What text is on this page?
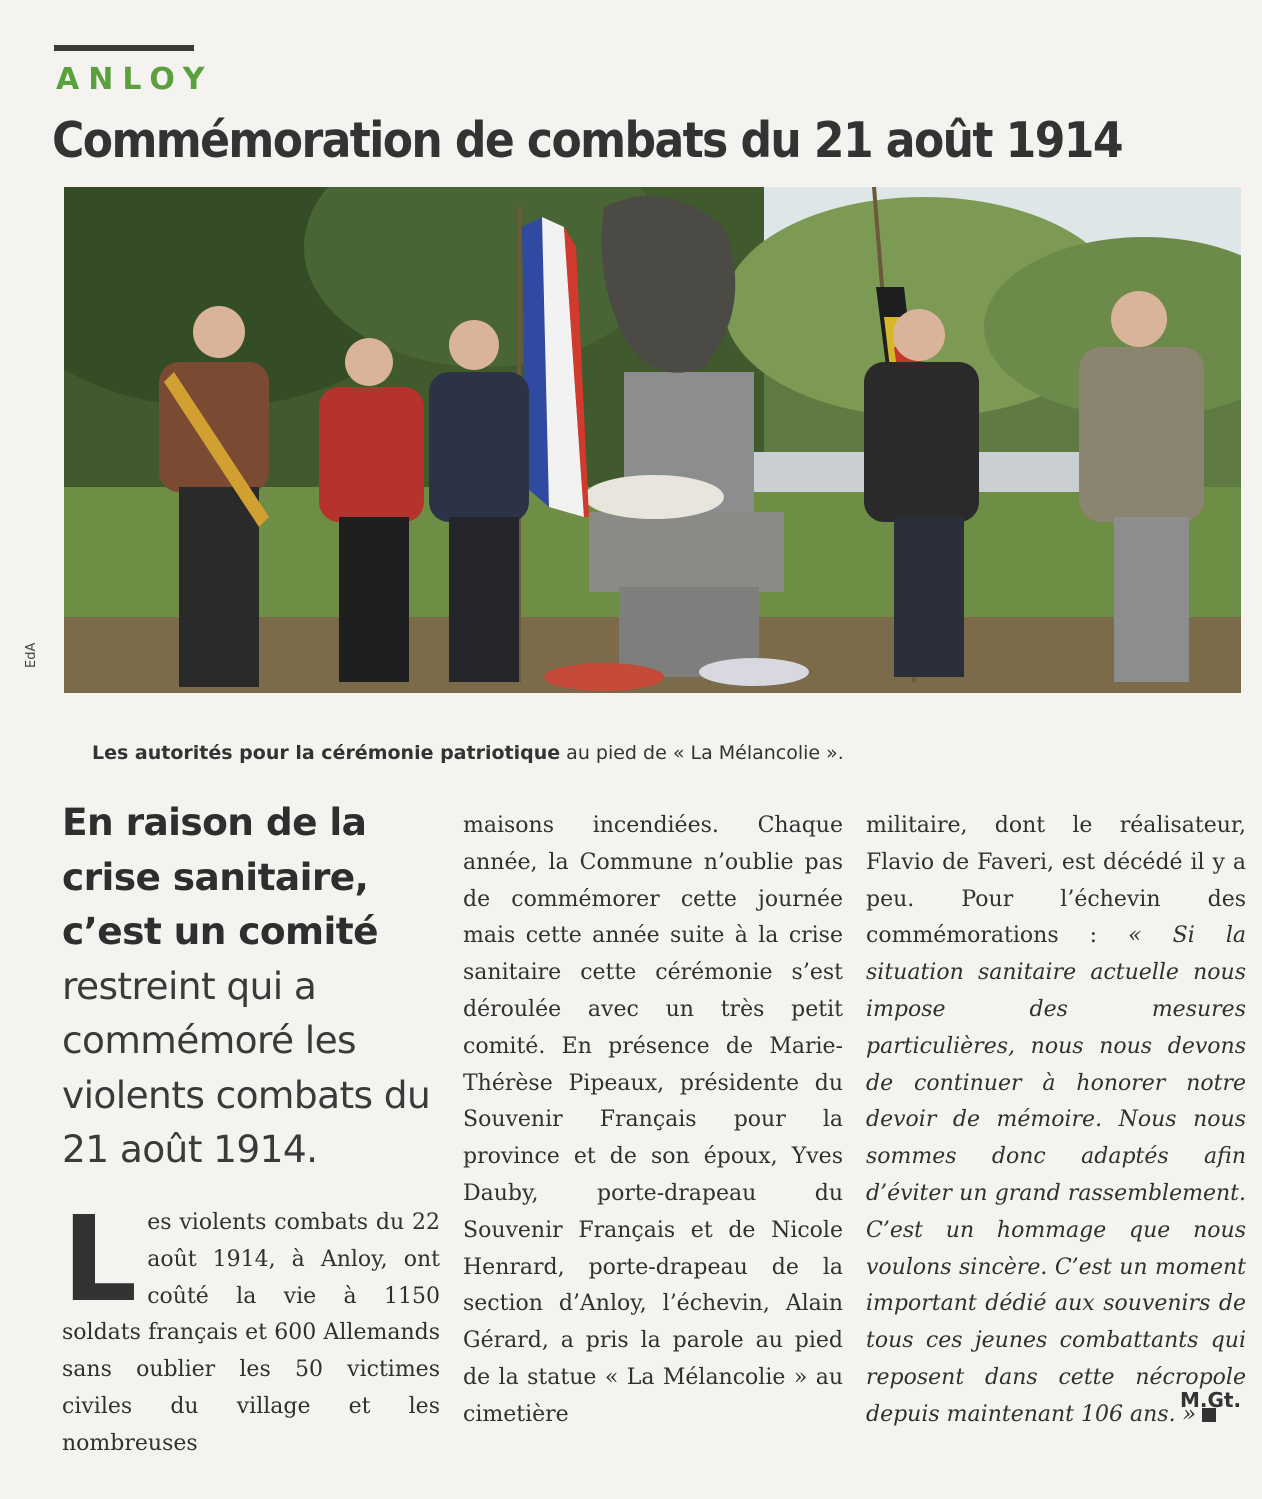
ANLOY
Commémoration de combats du 21 août 1914
EdA
Les autorités pour la cérémonie patriotique au pied de « La Mélancolie ».
En raison de la crise sanitaire, c’est un comité restreint qui a commémoré les violents combats du 21 août 1914.
Les violents combats du 22 août 1914, à Anloy, ont coûté la vie à 1150 soldats français et 600 Allemands sans oublier les 50 victimes civiles du village et les nombreuses
maisons incendiées. Chaque année, la Commune n’oublie pas de commémorer cette journée mais cette année suite à la crise sanitaire cette cérémonie s’est déroulée avec un très petit comité. En présence de Marie-Thérèse Pipeaux, présidente du Souvenir Français pour la province et de son époux, Yves Dauby, porte-drapeau du Souvenir Français et de Nicole Henrard, porte-drapeau de la section d’Anloy, l’échevin, Alain Gérard, a pris la parole au pied de la statue « La Mélancolie » au cimetière
militaire, dont le réalisateur, Flavio de Faveri, est décédé il y a peu. Pour l’échevin des commémorations : « Si la situation sanitaire actuelle nous impose des mesures particulières, nous nous devons de continuer à honorer notre devoir de mémoire. Nous nous sommes donc adaptés afin d’éviter un grand rassemblement. C’est un hommage que nous voulons sincère. C’est un moment important dédié aux souvenirs de tous ces jeunes combattants qui reposent dans cette nécropole depuis maintenant 106 ans. »
M.Gt.
